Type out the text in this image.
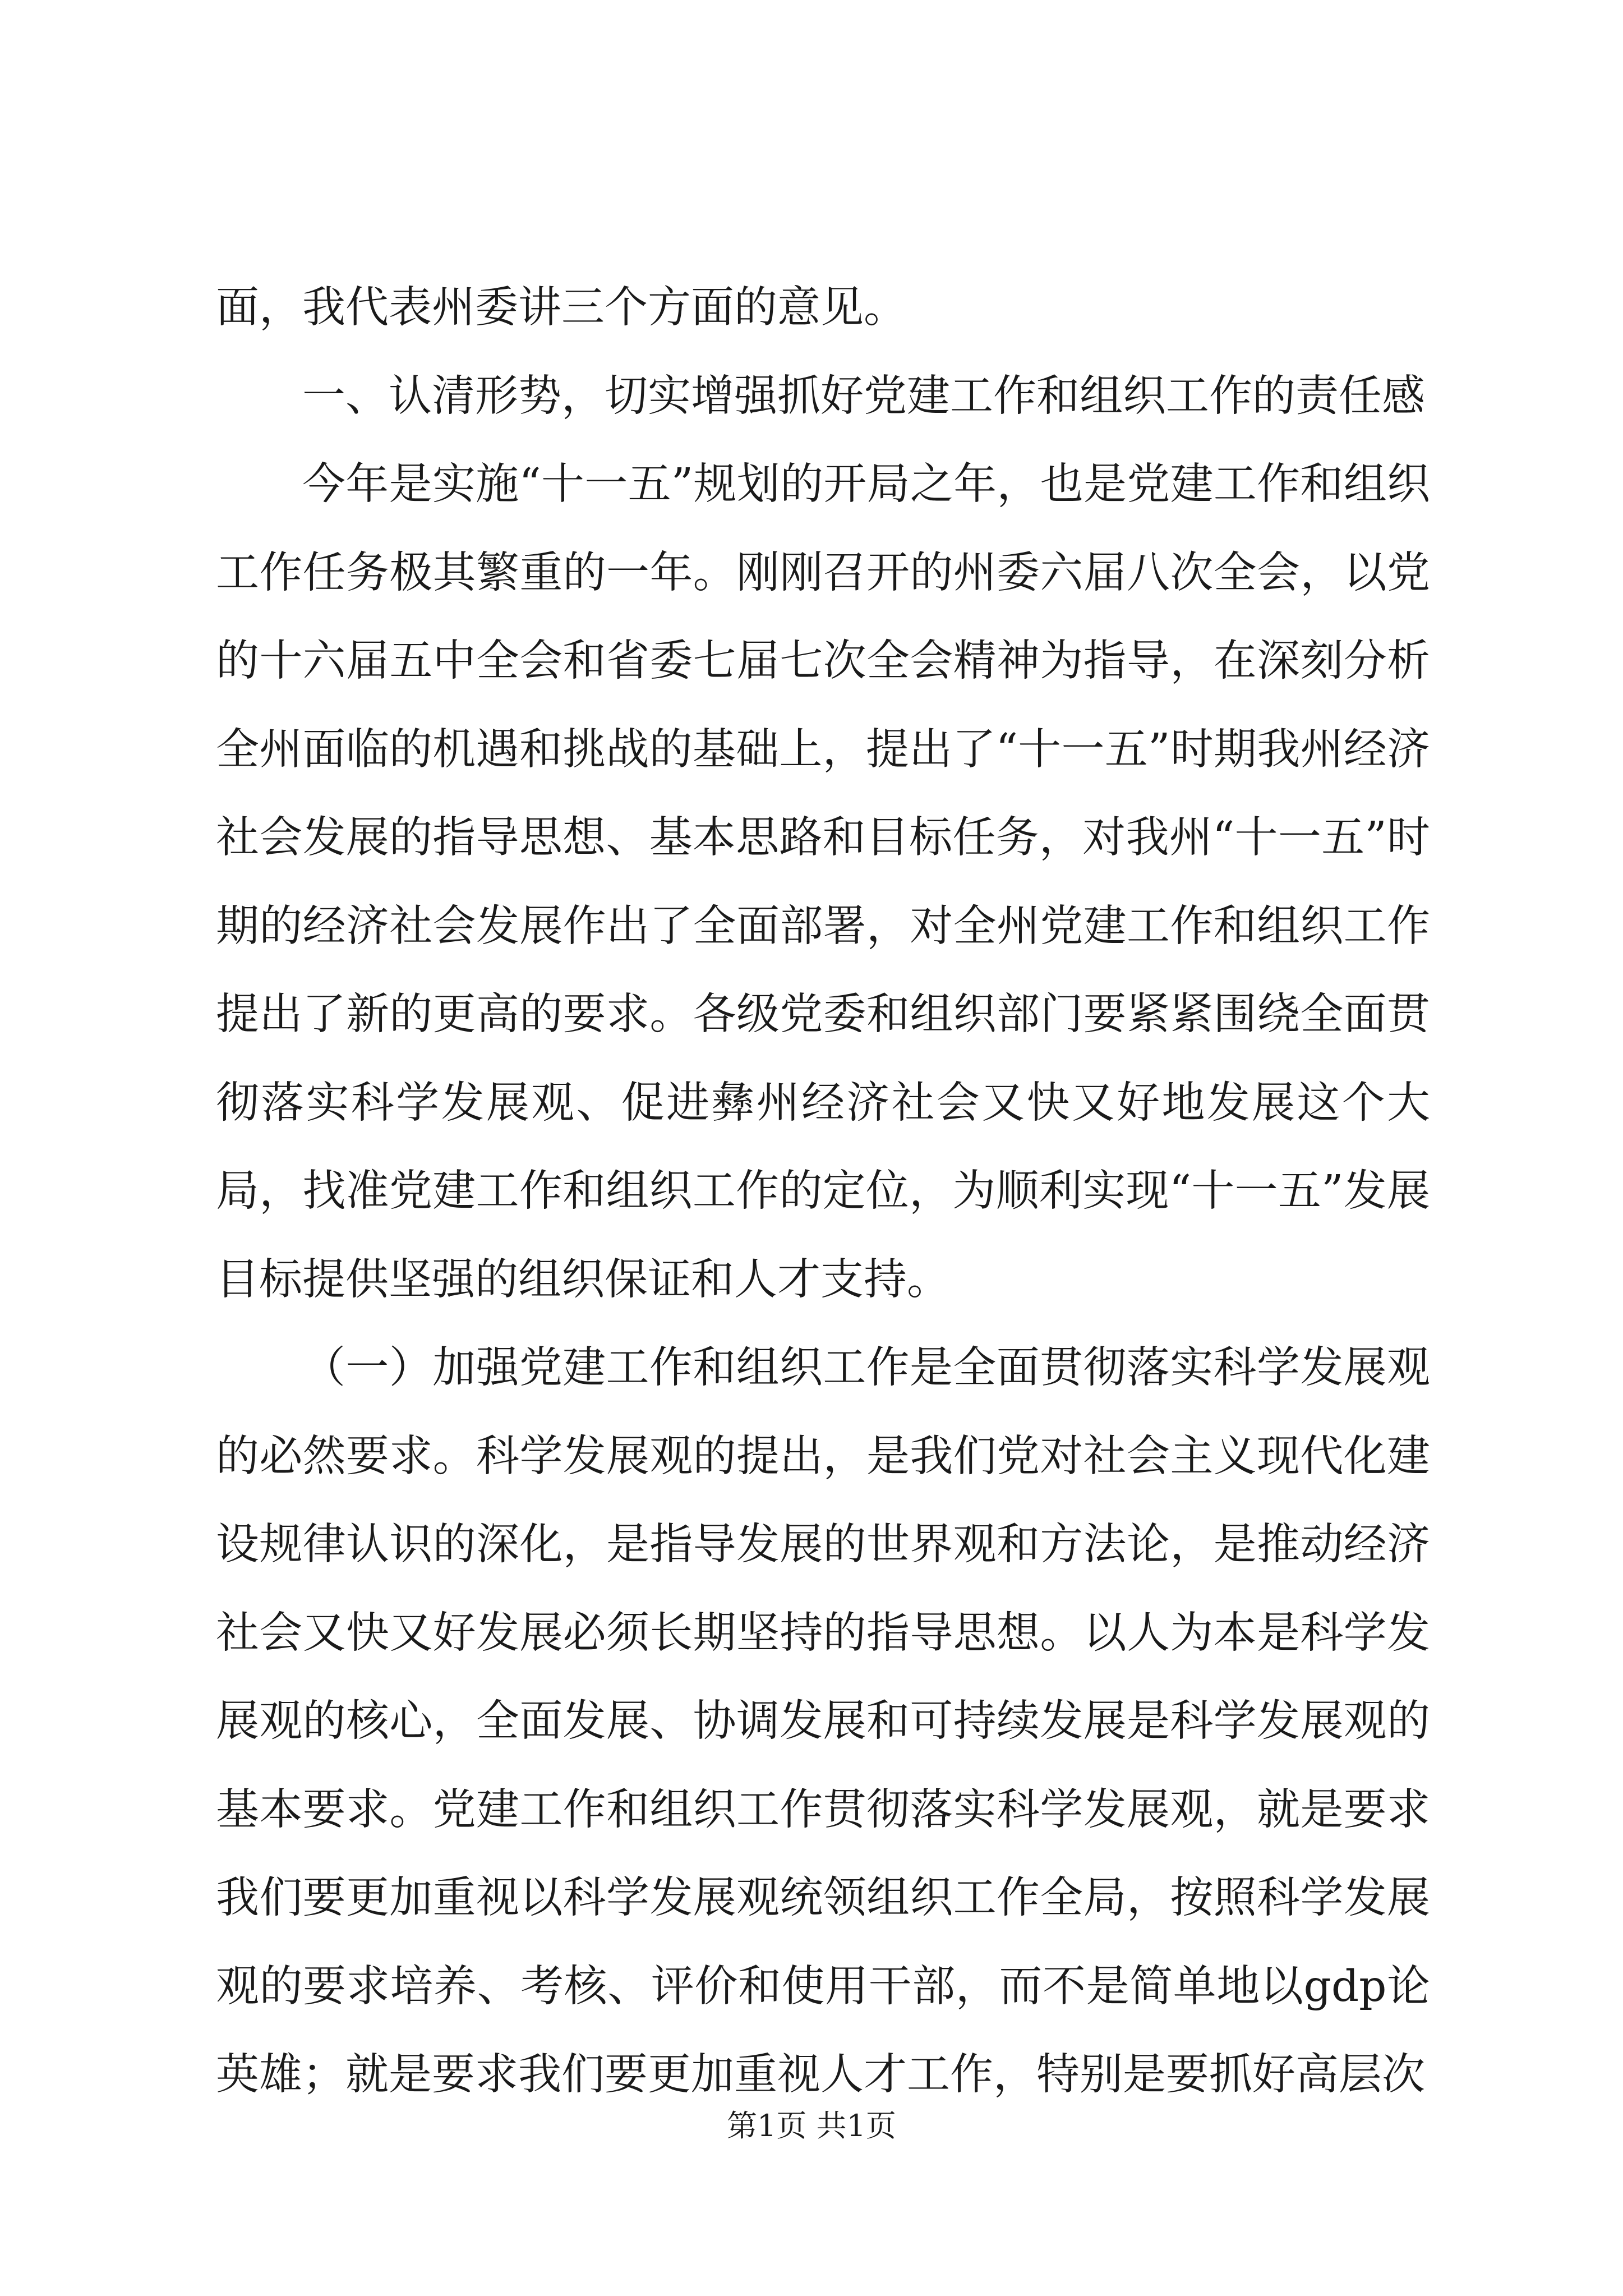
面，我代表州委讲三个方面的意见。

一、认清形势，切实增强抓好党建工作和组织工作的责任感

今年是实施“十一五”规划的开局之年，也是党建工作和组织工作任务极其繁重的一年。刚刚召开的州委六届八次全会，以党的十六届五中全会和省委七届七次全会精神为指导，在深刻分析全州面临的机遇和挑战的基础上，提出了“十一五”时期我州经济社会发展的指导思想、基本思路和目标任务，对我州“十一五”时期的经济社会发展作出了全面部署，对全州党建工作和组织工作提出了新的更高的要求。各级党委和组织部门要紧紧围绕全面贯彻落实科学发展观、促进彝州经济社会又快又好地发展这个大局，找准党建工作和组织工作的定位，为顺利实现“十一五”发展目标提供坚强的组织保证和人才支持。

（一）加强党建工作和组织工作是全面贯彻落实科学发展观的必然要求。科学发展观的提出，是我们党对社会主义现代化建设规律认识的深化，是指导发展的世界观和方法论，是推动经济社会又快又好发展必须长期坚持的指导思想。以人为本是科学发展观的核心，全面发展、协调发展和可持续发展是科学发展观的基本要求。党建工作和组织工作贯彻落实科学发展观，就是要求我们要更加重视以科学发展观统领组织工作全局，按照科学发展观的要求培养、考核、评价和使用干部，而不是简单地以gdp论英雄；就是要求我们要更加重视人才工作，特别是要抓好高层次

第1页 共1页
